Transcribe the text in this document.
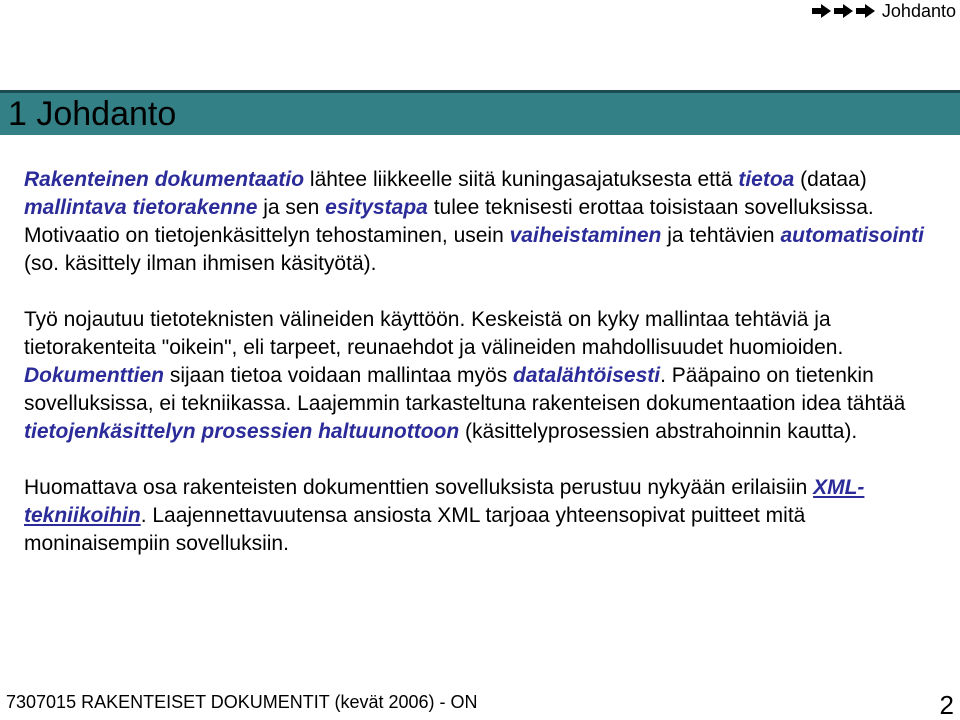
Johdanto
1 Johdanto

Rakenteinen dokumentaatio lähtee liikkeelle siitä kuningasajatuksesta että tietoa (dataa) mallintava tietorakenne ja sen esitystapa tulee teknisesti erottaa toisistaan sovelluksissa. Motivaatio on tietojenkäsittelyn tehostaminen, usein vaiheistaminen ja tehtävien automatisointi (so. käsittely ilman ihmisen käsityötä).

Työ nojautuu tietoteknisten välineiden käyttöön. Keskeistä on kyky mallintaa tehtäviä ja tietorakenteita "oikein", eli tarpeet, reunaehdot ja välineiden mahdollisuudet huomioiden. Dokumenttien sijaan tietoa voidaan mallintaa myös datalähtöisesti. Pääpaino on tietenkin sovelluksissa, ei tekniikassa. Laajemmin tarkasteltuna rakenteisen dokumentaation idea tähtää tietojenkäsittelyn prosessien haltuunottoon (käsittelyprosessien abstrahoinnin kautta).

Huomattava osa rakenteisten dokumenttien sovelluksista perustuu nykyään erilaisiin XML-tekniikoihin. Laajennettavuutensa ansiosta XML tarjoaa yhteensopivat puitteet mitä moninaisempiin sovelluksiin.

7307015 RAKENTEISET DOKUMENTIT (kevät 2006) - ON	2
